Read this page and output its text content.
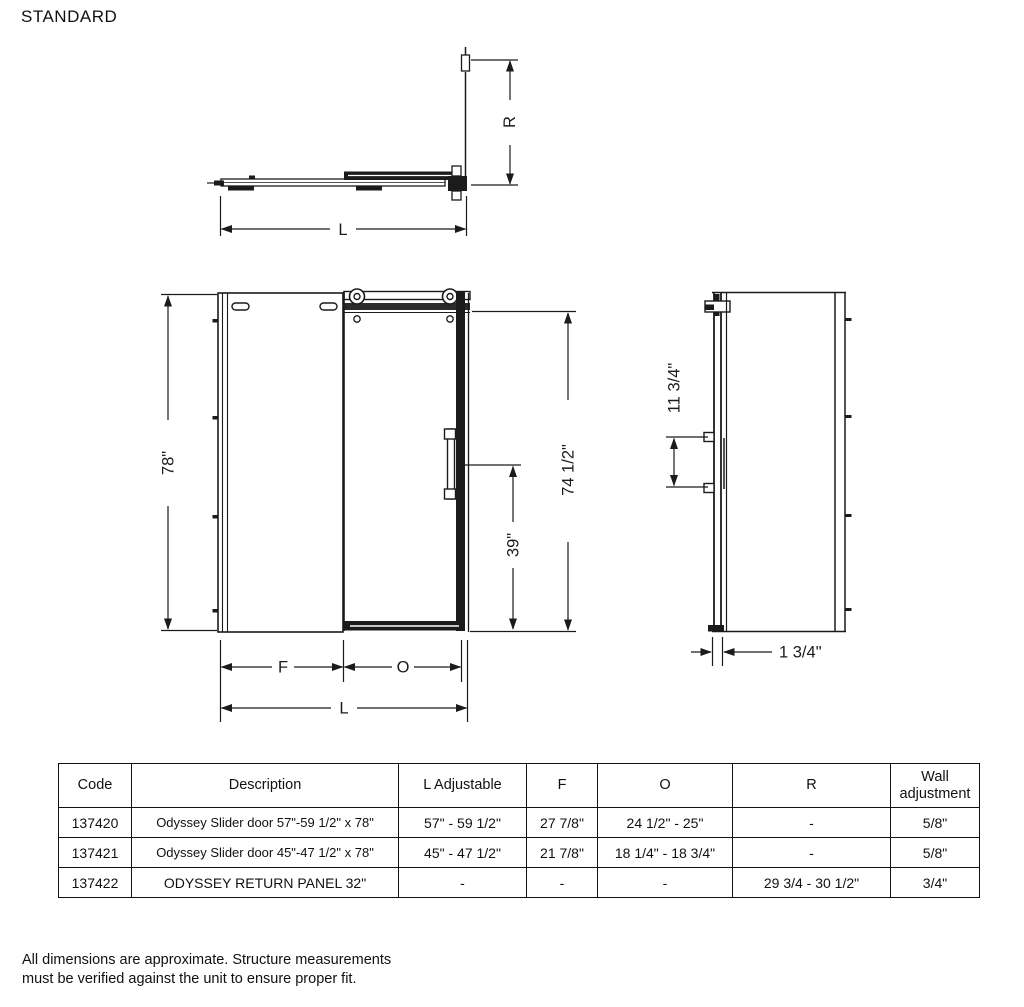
STANDARD
R
L
78"	74 1/2"
39"
F	O
L
11 3/4"
1 3/4"
Code	Description	L Adjustable	F	O	R	Wall adjustment
137420	Odyssey Slider door 57"-59 1/2" x 78"	57" - 59 1/2"	27 7/8"	24 1/2" - 25"	-	5/8"
137421	Odyssey Slider door 45"-47 1/2" x 78"	45" - 47 1/2"	21 7/8"	18 1/4" - 18 3/4"	-	5/8"
137422	ODYSSEY RETURN PANEL 32"	-	-	-	29 3/4 - 30 1/2"	3/4"
All dimensions are approximate. Structure measurements
must be verified against the unit to ensure proper fit.
